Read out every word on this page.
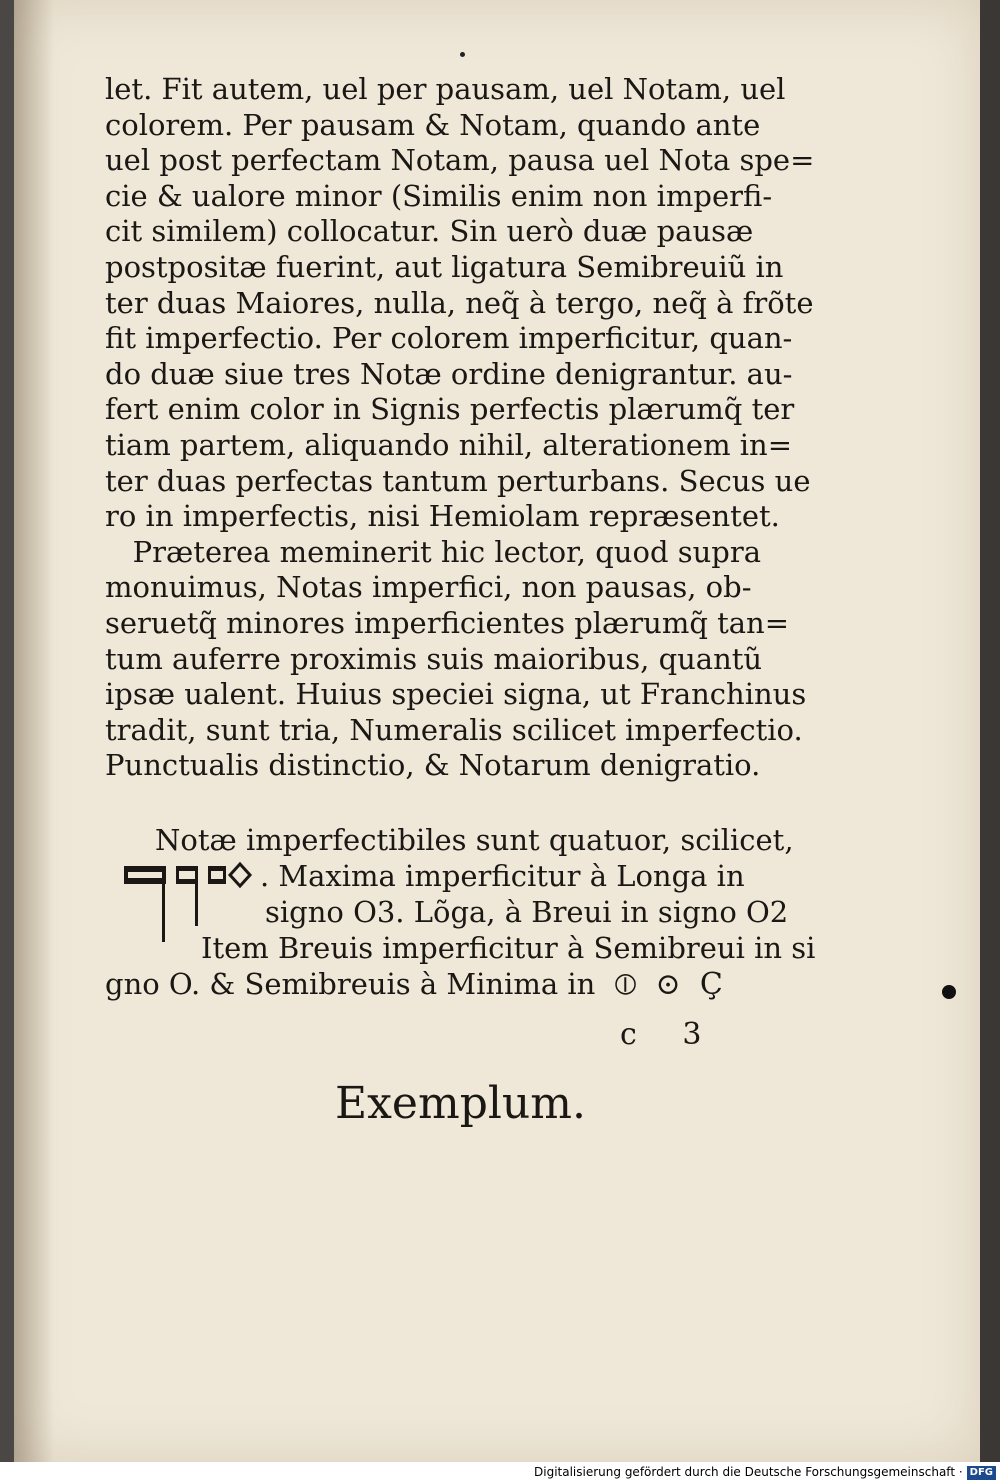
let. Fit autem, uel per pausam, uel Notam, uel
colorem. Per pausam & Notam, quando ante
uel post perfectam Notam, pausa uel Nota spe=
cie & ualore minor (Similis enim non imperfi-
cit similem) collocatur. Sin uerò duæ pausæ
postpositæ fuerint, aut ligatura Semibreuiũ in
ter duas Maiores, nulla, neq̃ à tergo, neq̃ à frõte
fit imperfectio. Per colorem imperficitur, quan-
do duæ siue tres Notæ ordine denigrantur. au-
fert enim color in Signis perfectis plærumq̃ ter
tiam partem, aliquando nihil, alterationem in=
ter duas perfectas tantum perturbans. Secus ue
ro in imperfectis, nisi Hemiolam repræsentet.
Præterea meminerit hic lector, quod supra
monuimus, Notas imperfici, non pausas, ob-
seruetq̃ minores imperficientes plærumq̃ tan=
tum auferre proximis suis maioribus, quantũ
ipsæ ualent. Huius speciei signa, ut Franchinus
tradit, sunt tria, Numeralis scilicet imperfectio.
Punctualis distinctio, & Notarum denigratio.
Notæ imperfectibiles sunt quatuor, scilicet,
. Maxima imperficitur à Longa in
signo O3. Lõga, à Breui in signo O2
Item Breuis imperficitur à Semibreui in si
gno O. & Semibreuis à Minima in ⦶ ⊙ Ç
c 3
Exemplum.
Digitalisierung gefördert durch die Deutsche Forschungsgemeinschaft · DFG
